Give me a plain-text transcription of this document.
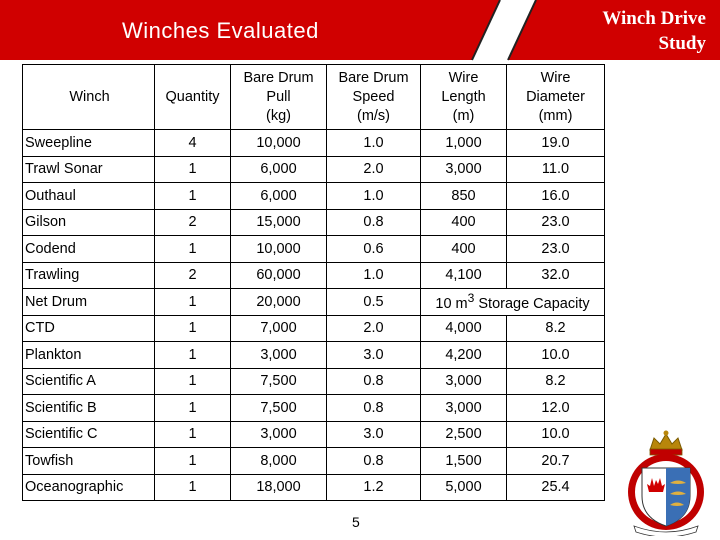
Winches Evaluated	Winch Drive
Study
Winch	Quantity	Bare Drum
Pull
(kg)	Bare Drum
Speed
(m/s)	Wire
Length
(m)	Wire
Diameter
(mm)
Sweepline	4	10,000	1.0	1,000	19.0
Trawl Sonar	1	6,000	2.0	3,000	11.0
Outhaul	1	6,000	1.0	850	16.0
Gilson	2	15,000	0.8	400	23.0
Codend	1	10,000	0.6	400	23.0
Trawling	2	60,000	1.0	4,100	32.0
Net Drum	1	20,000	0.5	10 $m^3$ Storage Capacity	
CTD	1	7,000	2.0	4,000	8.2
Plankton	1	3,000	3.0	4,200	10.0
Scientific A	1	7,500	0.8	3,000	8.2
Scientific B	1	7,500	0.8	3,000	12.0
Scientific C	1	3,000	3.0	2,500	10.0
Towfish	1	8,000	0.8	1,500	20.7
Oceanographic	1	18,000	1.2	5,000	25.4
5
